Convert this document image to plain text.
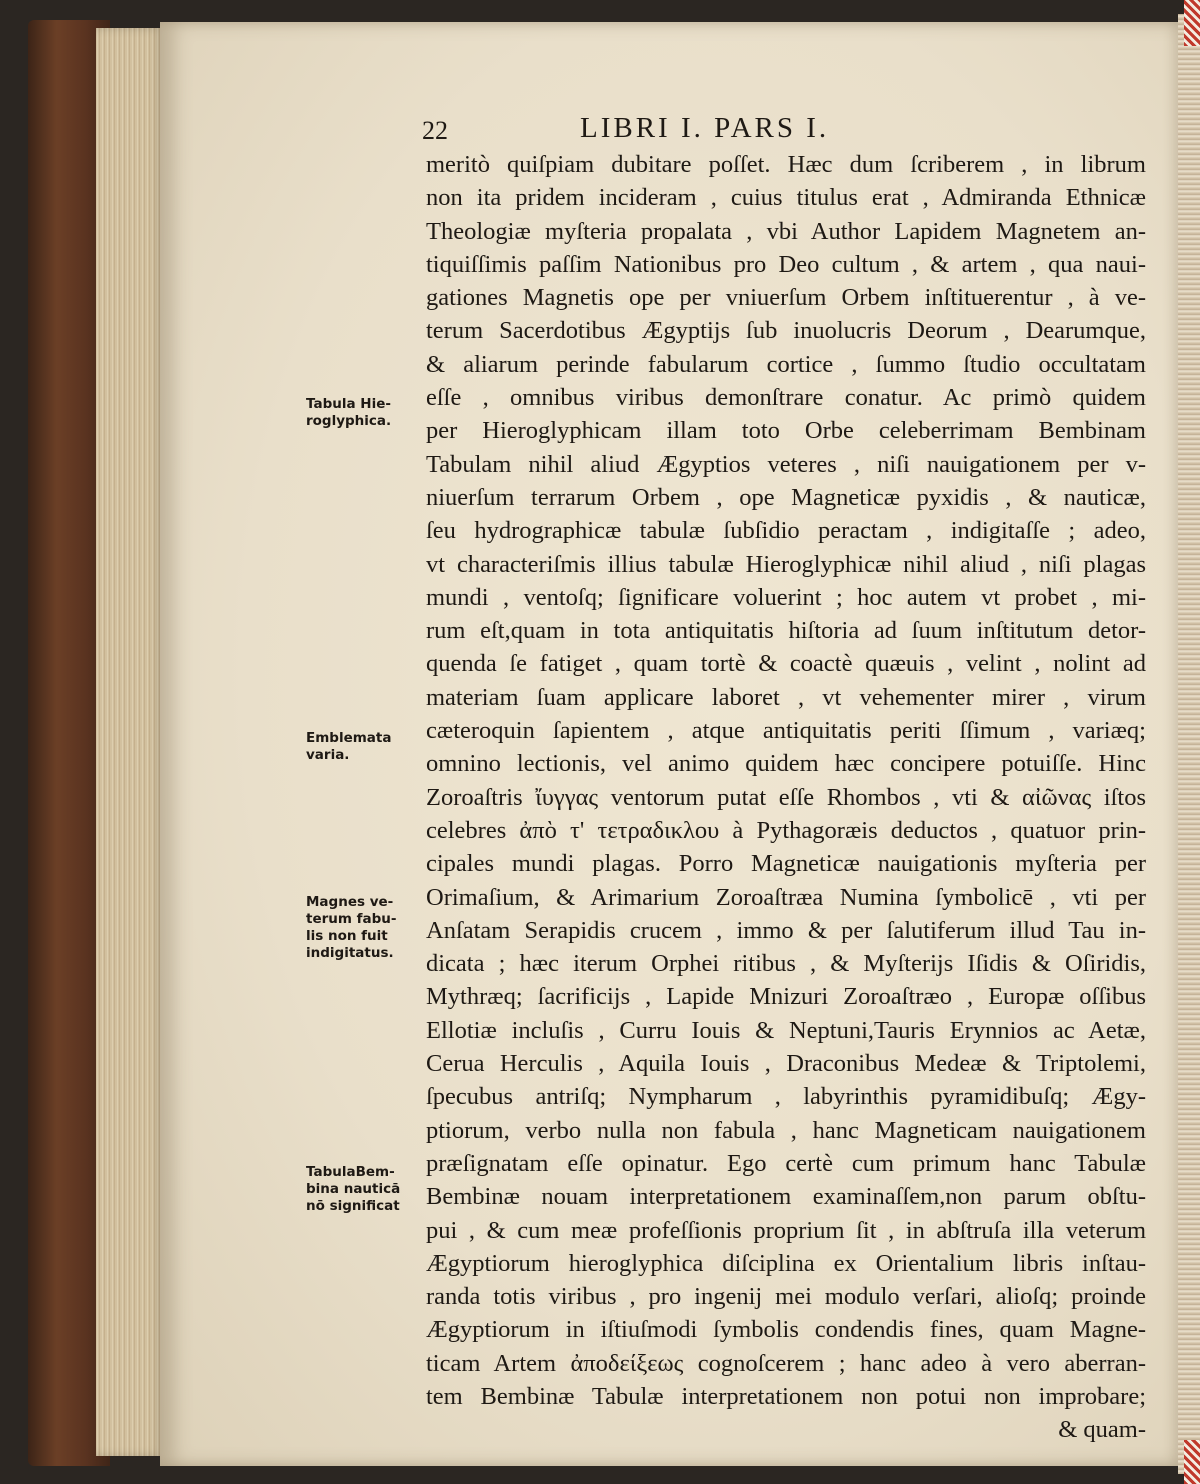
22	LIBRI I. PARS I.
Tabula Hie-
roglyphica.
Emblemata
varia.
Magnes ve-
terum fabu-
lis non fuit
indigitatus.
TabulaBem-
bina nauticā
nō significat
meritò quiſpiam dubitare poſſet. Hæc dum ſcriberem , in librum
non ita pridem incideram , cuius titulus erat , Admiranda Ethnicæ
Theologiæ myſteria propalata , vbi Author Lapidem Magnetem an-
tiquiſſimis paſſim Nationibus pro Deo cultum , & artem , qua naui-
gationes Magnetis ope per vniuerſum Orbem inſtituerentur , à ve-
terum Sacerdotibus Ægyptijs ſub inuolucris Deorum , Dearumque,
& aliarum perinde fabularum cortice , ſummo ſtudio occultatam
eſſe , omnibus viribus demonſtrare conatur. Ac primò quidem
per Hieroglyphicam illam toto Orbe celeberrimam Bembinam
Tabulam nihil aliud Ægyptios veteres , niſi nauigationem per v-
niuerſum terrarum Orbem , ope Magneticæ pyxidis , & nauticæ,
ſeu hydrographicæ tabulæ ſubſidio peractam , indigitaſſe ; adeo,
vt characteriſmis illius tabulæ Hieroglyphicæ nihil aliud , niſi plagas
mundi , ventoſq; ſignificare voluerint ; hoc autem vt probet , mi-
rum eſt,quam in tota antiquitatis hiſtoria ad ſuum inſtitutum detor-
quenda ſe fatiget , quam tortè & coactè quæuis , velint , nolint ad
materiam ſuam applicare laboret , vt vehementer mirer , virum
cæteroquin ſapientem , atque antiquitatis periti ſſimum , variæq;
omnino lectionis, vel animo quidem hæc concipere potuiſſe. Hinc
Zoroaſtris ἴυγγας ventorum putat eſſe Rhombos , vti & αἰῶνας iſtos
celebres ἀπὸ τ' τετραδικλου à Pythagoræis deductos , quatuor prin-
cipales mundi plagas. Porro Magneticæ nauigationis myſteria per
Orimaſium, & Arimarium Zoroaſtræa Numina ſymbolicē , vti per
Anſatam Serapidis crucem , immo & per ſalutiferum illud Tau in-
dicata ; hæc iterum Orphei ritibus , & Myſterijs Iſidis & Oſiridis,
Mythræq; ſacrificijs , Lapide Mnizuri Zoroaſtræo , Europæ oſſibus
Ellotiæ incluſis , Curru Iouis & Neptuni,Tauris Erynnios ac Aetæ,
Cerua Herculis , Aquila Iouis , Draconibus Medeæ & Triptolemi,
ſpecubus antriſq; Nympharum , labyrinthis pyramidibuſq; Ægy-
ptiorum, verbo nulla non fabula , hanc Magneticam nauigationem
præſignatam eſſe opinatur. Ego certè cum primum hanc Tabulæ
Bembinæ nouam interpretationem examinaſſem,non parum obſtu-
pui , & cum meæ profeſſionis proprium ſit , in abſtruſa illa veterum
Ægyptiorum hieroglyphica diſciplina ex Orientalium libris inſtau-
randa totis viribus , pro ingenij mei modulo verſari, alioſq; proinde
Ægyptiorum in iſtiuſmodi ſymbolis condendis fines, quam Magne-
ticam Artem ἀποδείξεως cognoſcerem ; hanc adeo à vero aberran-
tem Bembinæ Tabulæ interpretationem non potui non improbare;
& quam-
